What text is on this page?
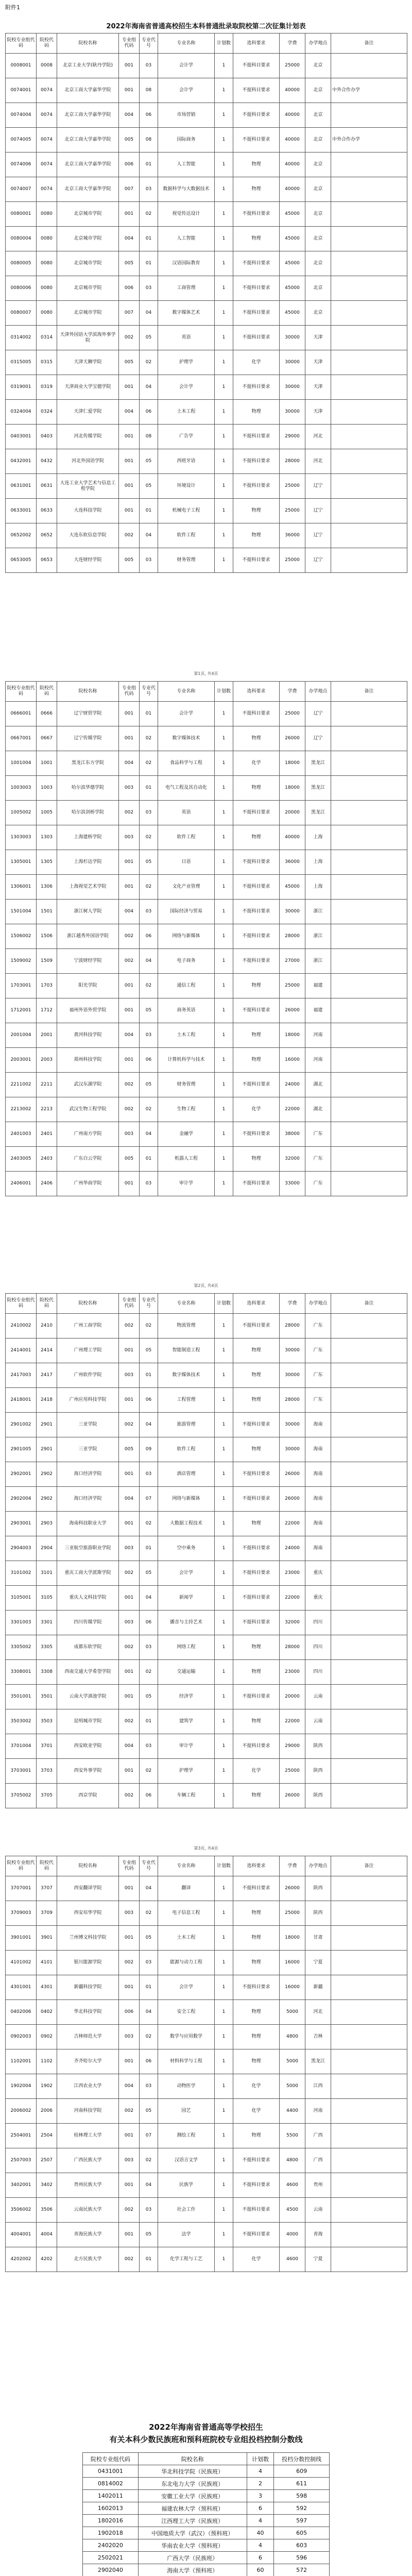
附件1
2022年海南省普通高校招生本科普通批录取院校第二次征集计划表
院校专业组代码	院校代码	院校名称	专业组代码	专业代号	专业名称	计划数	选科要求	学费	办学地点	备注
0008001	0008	北京工业大学(耿丹学院)	001	03	会计学	1	不提科目要求	25000	北京	
0074001	0074	北京工商大学嘉华学院	001	08	会计学	1	不提科目要求	40000	北京	中外合作办学
0074004	0074	北京工商大学嘉华学院	004	06	市场营销	1	不提科目要求	40000	北京	
0074005	0074	北京工商大学嘉华学院	005	08	国际商务	1	不提科目要求	40000	北京	中外合作办学
0074006	0074	北京工商大学嘉华学院	006	01	人工智能	1	物理	40000	北京	
0074007	0074	北京工商大学嘉华学院	007	03	数据科学与大数据技术	1	物理	40000	北京	
0080001	0080	北京城市学院	001	02	视觉传达设计	1	不提科目要求	45000	北京	
0080004	0080	北京城市学院	004	01	人工智能	1	物理	45000	北京	
0080005	0080	北京城市学院	005	01	汉语国际教育	1	不提科目要求	45000	北京	
0080006	0080	北京城市学院	006	03	工商管理	1	不提科目要求	45000	北京	
0080007	0080	北京城市学院	007	04	数字媒体艺术	1	不提科目要求	45000	北京	
0314002	0314	天津外国语大学滨海外事学院	002	05	英语	1	不提科目要求	30000	天津	
0315005	0315	天津天狮学院	005	02	护理学	1	化学	30000	天津	
0319001	0319	天津商业大学宝德学院	001	04	会计学	1	不提科目要求	30000	天津	
0324004	0324	天津仁爱学院	004	06	土木工程	1	物理	30000	天津	
0403001	0403	河北传媒学院	001	08	广告学	1	不提科目要求	29000	河北	
0432001	0432	河北外国语学院	001	05	西班牙语	1	不提科目要求	28000	河北	
0631001	0631	大连工业大学艺术与信息工程学院	001	05	环境设计	1	不提科目要求	25000	辽宁	
0633001	0633	大连科技学院	001	01	机械电子工程	1	物理	25000	辽宁	
0652002	0652	大连东软信息学院	002	04	软件工程	1	物理	36000	辽宁	
0653005	0653	大连财经学院	005	03	财务管理	1	不提科目要求	25000	辽宁	
院校专业组代码	院校代码	院校名称	专业组代码	专业代号	专业名称	计划数	选科要求	学费	办学地点	备注
0666001	0666	辽宁财贸学院	001	01	会计学	1	不提科目要求	25000	辽宁	
0667001	0667	辽宁传媒学院	001	02	数字媒体技术	1	物理	26000	辽宁	
1001004	1001	黑龙江东方学院	004	02	食品科学与工程	1	化学	18000	黑龙江	
1003003	1003	哈尔滨华德学院	003	01	电气工程及其自动化	1	物理	18000	黑龙江	
1005002	1005	哈尔滨剑桥学院	002	03	英语	1	不提科目要求	20000	黑龙江	
1303003	1303	上海建桥学院	003	02	软件工程	1	物理	40000	上海	
1305001	1305	上海杉达学院	001	05	日语	1	不提科目要求	36000	上海	
1306001	1306	上海视觉艺术学院	001	02	文化产业管理	1	不提科目要求	45000	上海	
1501004	1501	浙江树人学院	004	03	国际经济与贸易	1	不提科目要求	30000	浙江	
1506002	1506	浙江越秀外国语学院	002	06	网络与新媒体	1	不提科目要求	28000	浙江	
1509002	1509	宁波财经学院	002	04	电子商务	1	不提科目要求	27000	浙江	
1703001	1703	阳光学院	001	02	通信工程	1	物理	25000	福建	
1712001	1712	福州外语外贸学院	001	05	商务英语	1	不提科目要求	26000	福建	
2001004	2001	黄河科技学院	004	03	土木工程	1	物理	18000	河南	
2003001	2003	郑州科技学院	001	06	计算机科学与技术	1	物理	16000	河南	
2211002	2211	武汉东湖学院	002	05	财务管理	1	不提科目要求	24000	湖北	
2213002	2213	武汉生物工程学院	002	02	生物工程	1	化学	22000	湖北	
2401003	2401	广州南方学院	003	04	金融学	1	不提科目要求	38000	广东	
2403005	2403	广东白云学院	005	01	机器人工程	1	物理	32000	广东	
2406001	2406	广州华商学院	001	03	审计学	1	不提科目要求	33000	广东	
院校专业组代码	院校代码	院校名称	专业组代码	专业代号	专业名称	计划数	选科要求	学费	办学地点	备注
2410002	2410	广州工商学院	002	02	物流管理	1	不提科目要求	28000	广东	
2414001	2414	广州理工学院	001	05	智能制造工程	1	物理	30000	广东	
2417003	2417	广州软件学院	003	01	数字媒体技术	1	物理	30000	广东	
2418001	2418	广州应用科技学院	001	06	工程管理	1	物理	28000	广东	
2901002	2901	三亚学院	002	04	旅游管理	1	不提科目要求	30000	海南	
2901005	2901	三亚学院	005	09	软件工程	1	物理	30000	海南	
2902001	2902	海口经济学院	001	03	酒店管理	1	不提科目要求	26000	海南	
2902004	2902	海口经济学院	004	07	网络与新媒体	1	不提科目要求	26000	海南	
2903001	2903	海南科技职业大学	001	02	大数据工程技术	1	物理	22000	海南	
2904003	2904	三亚航空旅游职业学院	003	01	空中乘务	1	不提科目要求	24000	海南	
3101002	3101	重庆工商大学派斯学院	002	05	会计学	1	不提科目要求	23000	重庆	
3105001	3105	重庆人文科技学院	001	04	新闻学	1	不提科目要求	22000	重庆	
3301003	3301	四川传媒学院	003	06	播音与主持艺术	1	不提科目要求	32000	四川	
3305002	3305	成都东软学院	002	03	网络工程	1	物理	28000	四川	
3308001	3308	西南交通大学希望学院	001	02	交通运输	1	物理	23000	四川	
3501001	3501	云南大学滇池学院	001	05	经济学	1	不提科目要求	20000	云南	
3503002	3503	昆明城市学院	002	01	建筑学	1	物理	22000	云南	
3701004	3701	西安欧亚学院	004	03	审计学	1	不提科目要求	29000	陕西	
3703001	3703	西安外事学院	001	02	护理学	1	化学	25000	陕西	
3705002	3705	西京学院	002	06	车辆工程	1	物理	26000	陕西	
院校专业组代码	院校代码	院校名称	专业组代码	专业代号	专业名称	计划数	选科要求	学费	办学地点	备注
3707001	3707	西安翻译学院	001	04	翻译	1	不提科目要求	26000	陕西	
3709003	3709	西安培华学院	003	02	电子信息工程	1	物理	25000	陕西	
3901001	3901	兰州博文科技学院	001	05	土木工程	1	物理	18000	甘肃	
4101002	4101	银川能源学院	002	03	能源与动力工程	1	物理	16000	宁夏	
4301001	4301	新疆科技学院	001	01	会计学	1	不提科目要求	16000	新疆	
0402006	0402	华北科技学院	006	04	安全工程	1	物理	5000	河北	
0902003	0902	吉林师范大学	003	02	数学与应用数学	1	物理	4800	吉林	
1102001	1102	齐齐哈尔大学	001	06	材料科学与工程	1	物理	5000	黑龙江	
1902004	1902	江西农业大学	004	03	动物医学	1	化学	5000	江西	
2006002	2006	河南科技学院	002	05	园艺	1	化学	4400	河南	
2504001	2504	桂林理工大学	001	07	测绘工程	1	物理	5500	广西	
2507003	2507	广西民族大学	003	02	汉语言文学	1	不提科目要求	4800	广西	
3402001	3402	贵州民族大学	001	04	民族学	1	不提科目要求	4600	贵州	
3506002	3506	云南民族大学	002	03	社会工作	1	不提科目要求	4500	云南	
4004001	4004	青海民族大学	001	05	法学	1	不提科目要求	4000	青海	
4202002	4202	北方民族大学	002	01	化学工程与工艺	1	化学	4600	宁夏	
第1页, 共4页
第2页, 共4页
第3页, 共4页
2022年海南省普通高等学校招生
有关本科少数民族班和预科班院校专业组投档控制分数线
院校专业组代码	院校名称	计划数	投档分数控制线
0431001	华北科技学院（民族班）	4	609
0814002	东北电力大学（民族班）	2	611
1402011	安徽工业大学（民族班）	3	598
1602013	福建农林大学（预科班）	6	592
1802016	江西理工大学（民族班）	4	597
1902018	中国地质大学（武汉）（预科班）	40	605
2402020	华南农业大学（预科班）	4	603
2502021	广西大学（民族班）	6	596
2902040	海南大学（预科班）	60	572
